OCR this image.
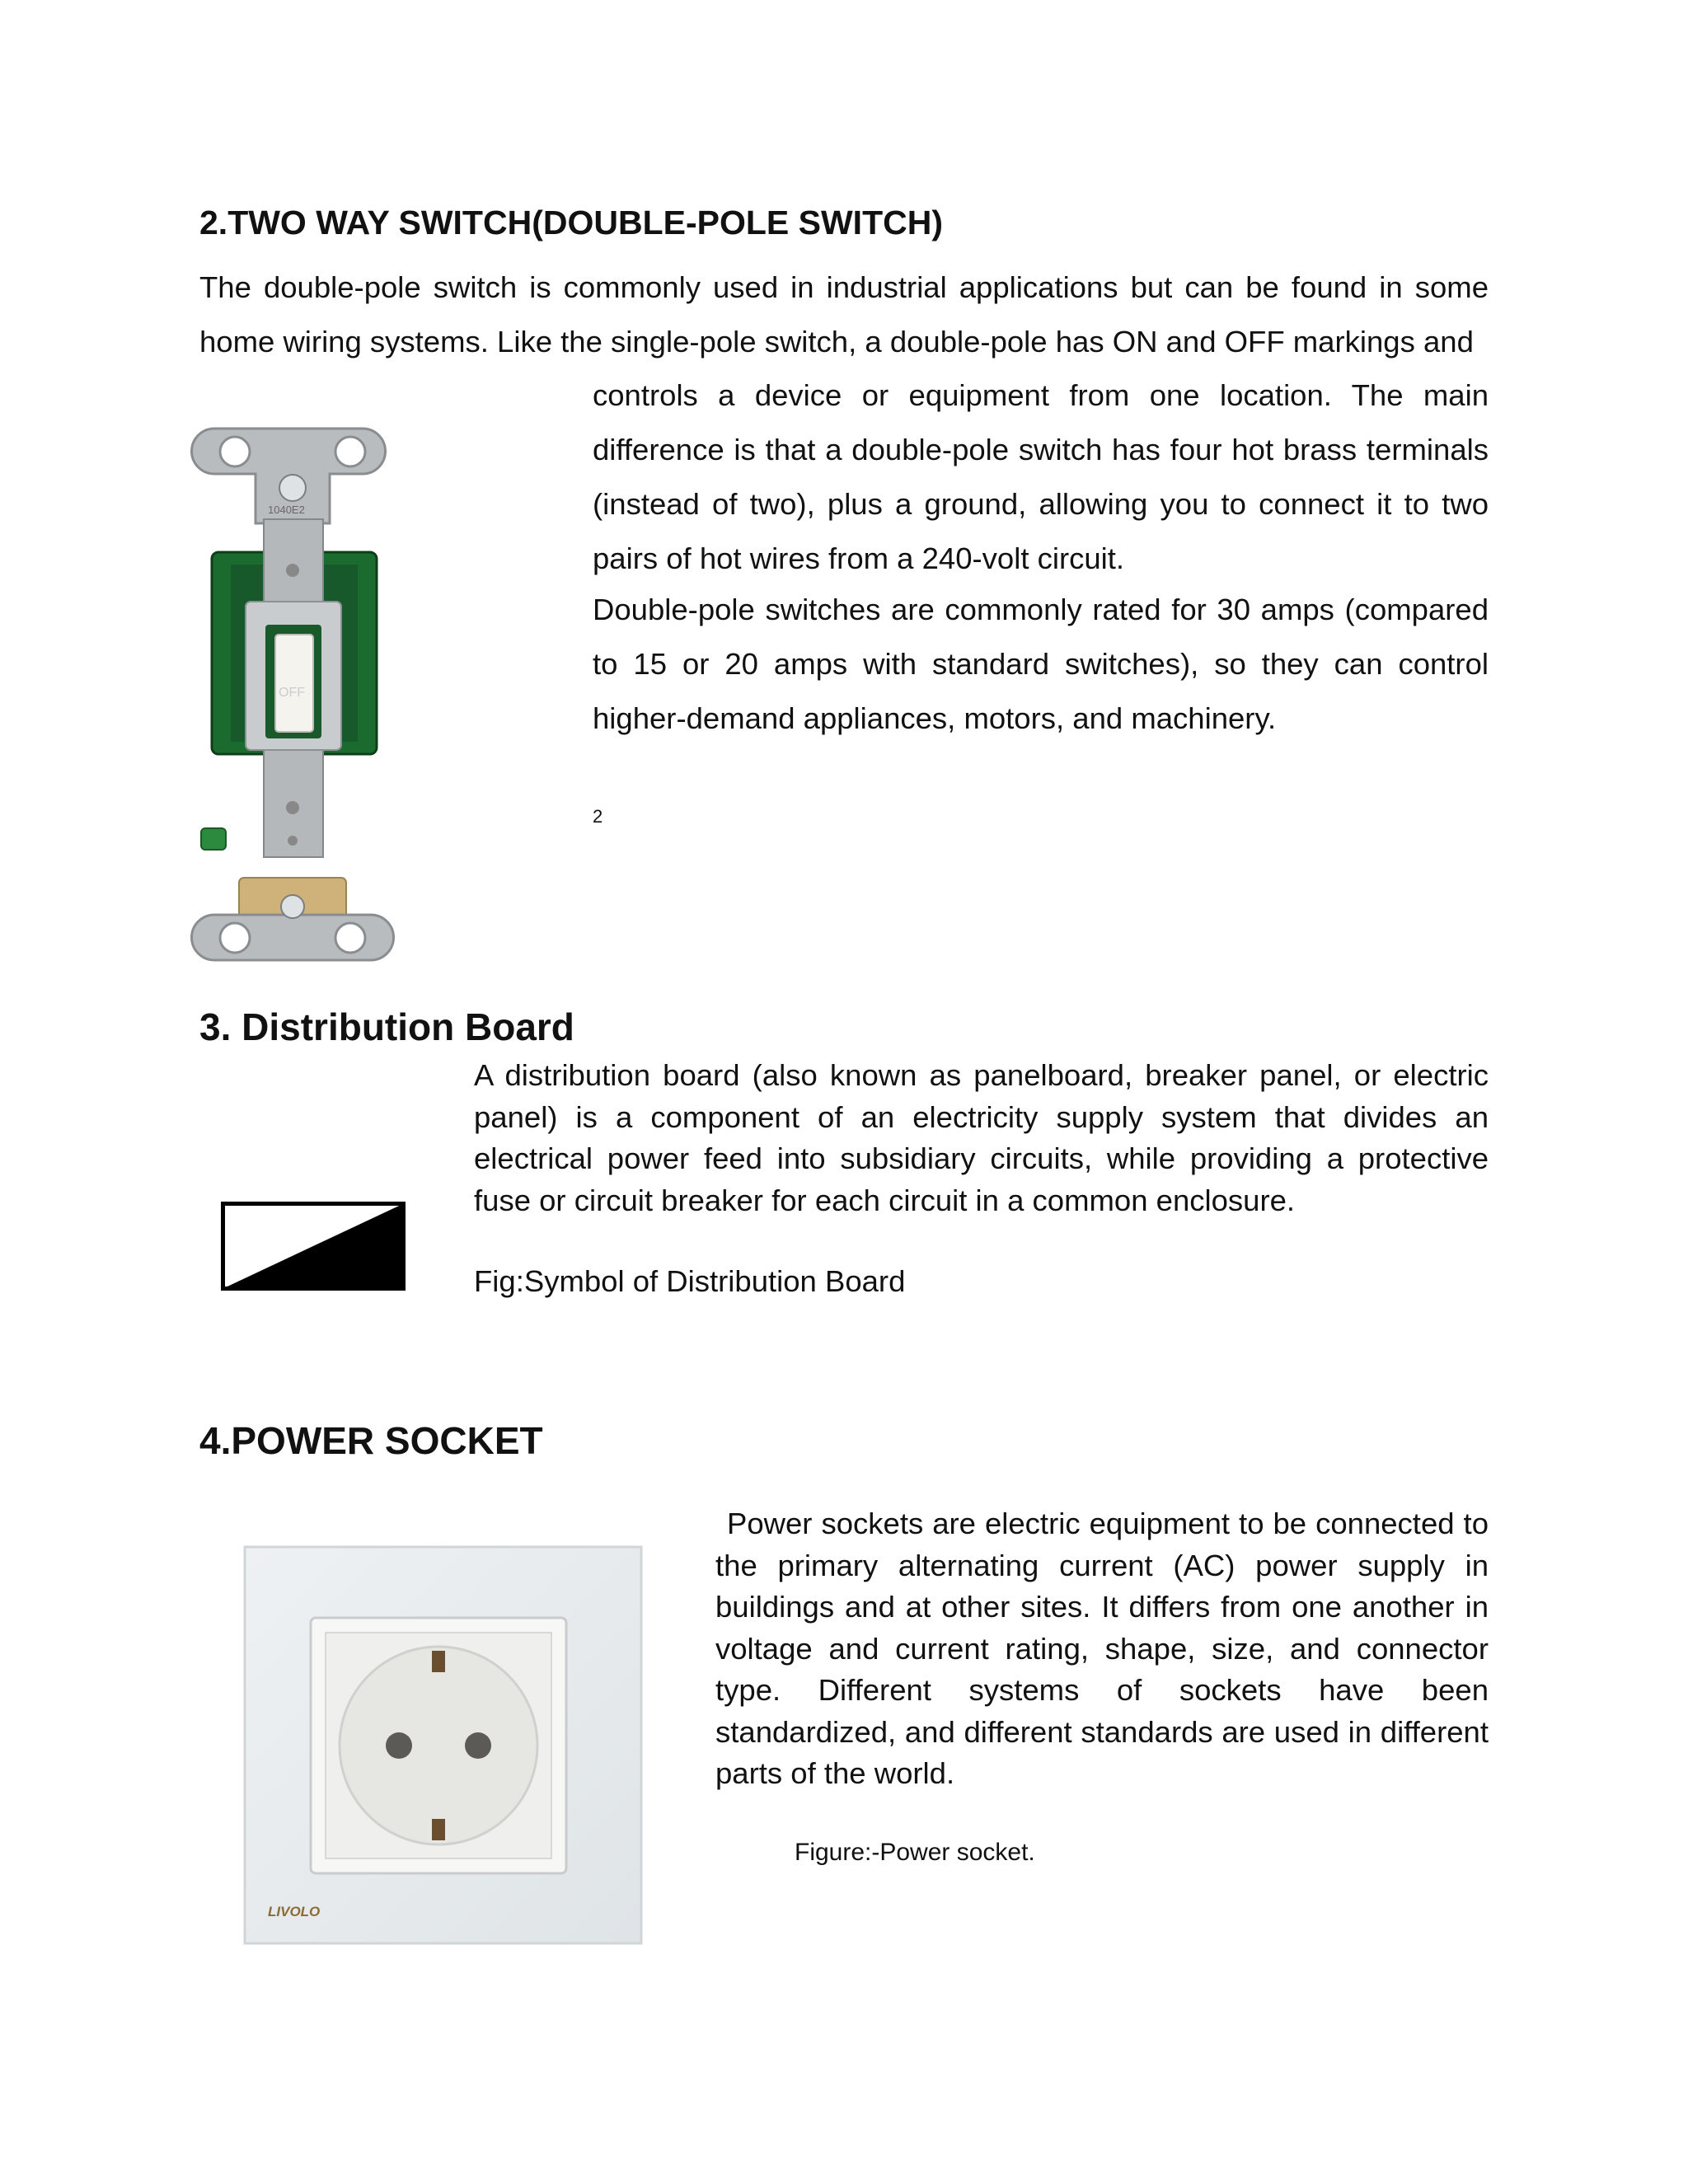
2.TWO WAY SWITCH(DOUBLE-POLE SWITCH)

The double-pole switch is commonly used in industrial applications but can be found in some home wiring systems. Like the single-pole switch, a double-pole has ON and OFF markings and

1040E2
OFF

controls a device or equipment from one location. The main difference is that a double-pole switch has four hot brass terminals (instead of two), plus a ground, allowing you to connect it to two pairs of hot wires from a 240-volt circuit.

Double-pole switches are commonly rated for 30 amps (compared to 15 or 20 amps with standard switches), so they can control higher-demand appliances, motors, and machinery.

2
3. Distribution Board

A distribution board (also known as panelboard, breaker panel, or electric panel) is a component of an electricity supply system that divides an electrical power feed into subsidiary circuits, while providing a protective fuse or circuit breaker for each circuit in a common enclosure.

Fig:Symbol of Distribution Board
4.POWER SOCKET
LIVOLO

Power sockets are electric equipment to be connected to the primary alternating current (AC) power supply in buildings and at other sites. It differs from one another in voltage and current rating, shape, size, and connector type. Different systems of sockets have been standardized, and different standards are used in different parts of the world.

Figure:-Power socket.
